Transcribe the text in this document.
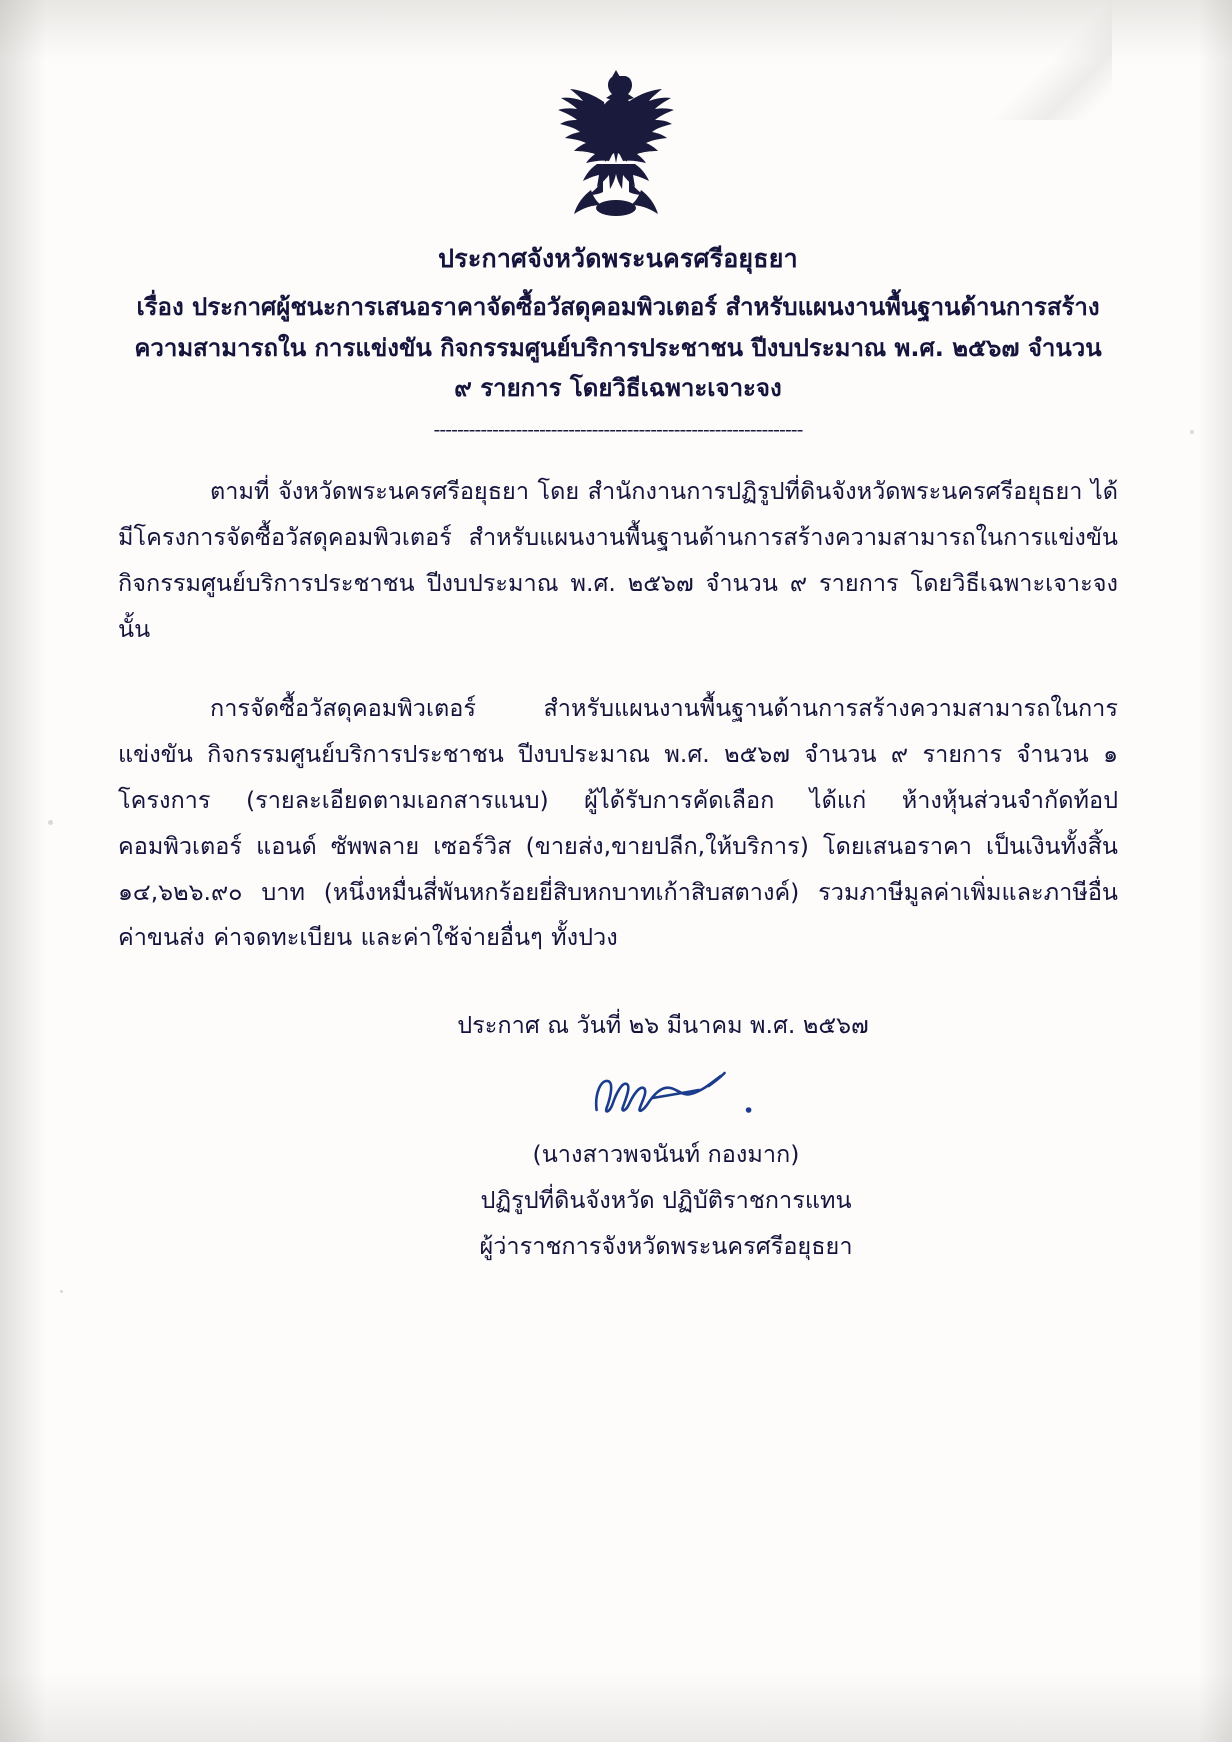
ประกาศจังหวัดพระนครศรีอยุธยา
เรื่อง ประกาศผู้ชนะการเสนอราคาจัดซื้อวัสดุคอมพิวเตอร์ สำหรับแผนงานพื้นฐานด้านการสร้างความสามารถใน การแข่งขัน กิจกรรมศูนย์บริการประชาชน ปีงบประมาณ พ.ศ. ๒๕๖๗ จำนวน ๙ รายการ โดยวิธีเฉพาะเจาะจง
---------------------------------------------------------------

ตามที่ จังหวัดพระนครศรีอยุธยา โดย สำนักงานการปฏิรูปที่ดินจังหวัดพระนครศรีอยุธยา ได้มีโครงการจัดซื้อวัสดุคอมพิวเตอร์ สำหรับแผนงานพื้นฐานด้านการสร้างความสามารถในการแข่งขัน กิจกรรมศูนย์บริการประชาชน ปีงบประมาณ พ.ศ. ๒๕๖๗ จำนวน ๙ รายการ โดยวิธีเฉพาะเจาะจง นั้น

การจัดซื้อวัสดุคอมพิวเตอร์ สำหรับแผนงานพื้นฐานด้านการสร้างความสามารถในการแข่งขัน กิจกรรมศูนย์บริการประชาชน ปีงบประมาณ พ.ศ. ๒๕๖๗ จำนวน ๙ รายการ จำนวน ๑ โครงการ (รายละเอียดตามเอกสารแนบ) ผู้ได้รับการคัดเลือก ได้แก่ ห้างหุ้นส่วนจำกัดท้อป คอมพิวเตอร์ แอนด์ ซัพพลาย เซอร์วิส (ขายส่ง,ขายปลีก,ให้บริการ) โดยเสนอราคา เป็นเงินทั้งสิ้น ๑๔,๖๒๖.๙๐ บาท (หนึ่งหมื่นสี่พันหกร้อยยี่สิบหกบาทเก้าสิบสตางค์) รวมภาษีมูลค่าเพิ่มและภาษีอื่น ค่าขนส่ง ค่าจดทะเบียน และค่าใช้จ่ายอื่นๆ ทั้งปวง

ประกาศ ณ วันที่ ๒๖ มีนาคม พ.ศ. ๒๕๖๗
(นางสาวพจนันท์ กองมาก)
ปฏิรูปที่ดินจังหวัด ปฏิบัติราชการแทน
ผู้ว่าราชการจังหวัดพระนครศรีอยุธยา
